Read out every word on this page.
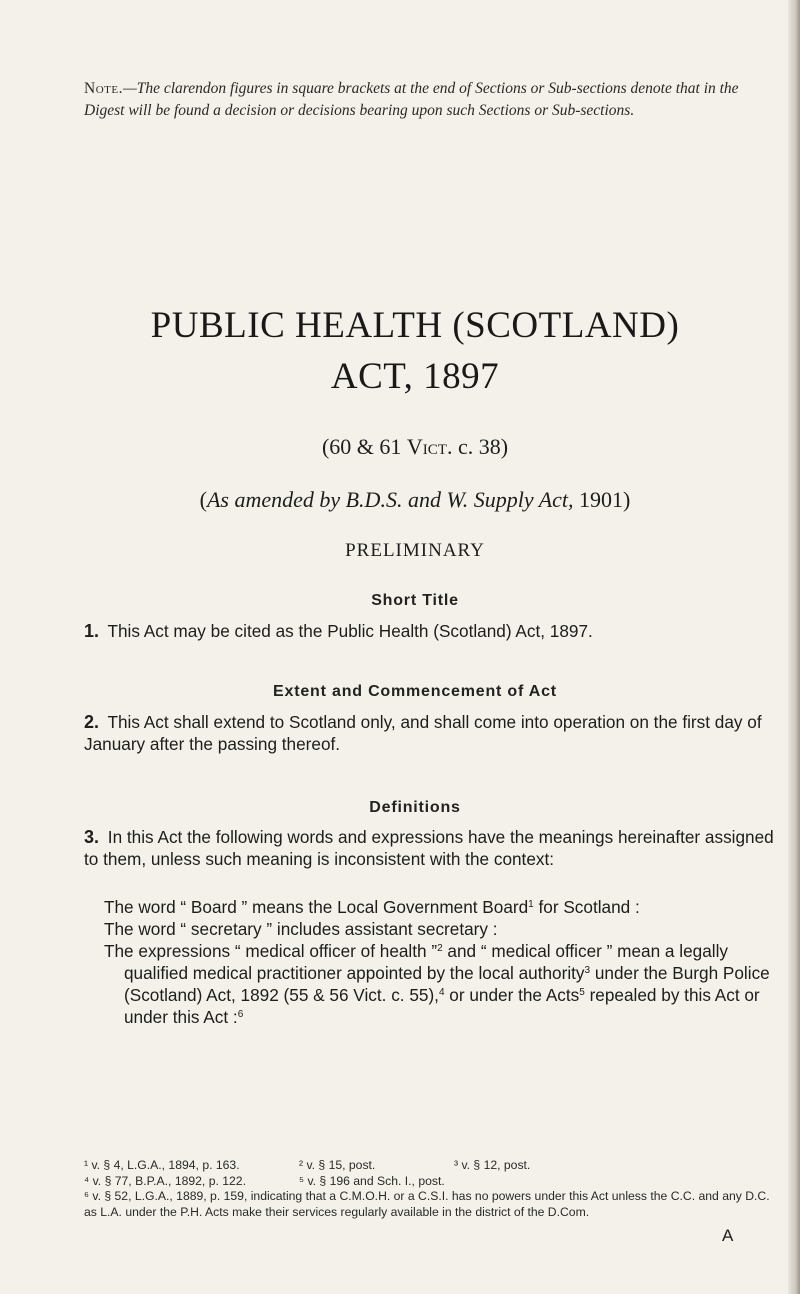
Note.—The clarendon figures in square brackets at the end of Sections or Sub-sections denote that in the Digest will be found a decision or decisions bearing upon such Sections or Sub-sections.
PUBLIC HEALTH (SCOTLAND)
ACT, 1897
(60 & 61 Vict. c. 38)
(As amended by B.D.S. and W. Supply Act, 1901)
PRELIMINARY
Short Title
1. This Act may be cited as the Public Health (Scotland) Act, 1897.
Extent and Commencement of Act
2. This Act shall extend to Scotland only, and shall come into operation on the first day of January after the passing thereof.
Definitions
3. In this Act the following words and expressions have the meanings hereinafter assigned to them, unless such meaning is inconsistent with the context:

The word “ Board ” means the Local Government Board$^1$ for Scotland :

The word “ secretary ” includes assistant secretary :

The expressions “ medical officer of health ”$^2$ and “ medical officer ” mean a legally qualified medical practitioner appointed by the local authority$^3$ under the Burgh Police (Scotland) Act, 1892 (55 & 56 Vict. c. 55),$^4$ or under the Acts$^5$ repealed by this Act or under this Act :$^6$

¹ v. § 4, L.G.A., 1894, p. 163.	² v. § 15, post.	³ v. § 12, post.
⁴ v. § 77, B.P.A., 1892, p. 122.	⁵ v. § 196 and Sch. I., post.
⁶ v. § 52, L.G.A., 1889, p. 159, indicating that a C.M.O.H. or a C.S.I. has no powers under this Act unless the C.C. and any D.C. as L.A. under the P.H. Acts make their services regularly available in the district of the D.Com.
A
